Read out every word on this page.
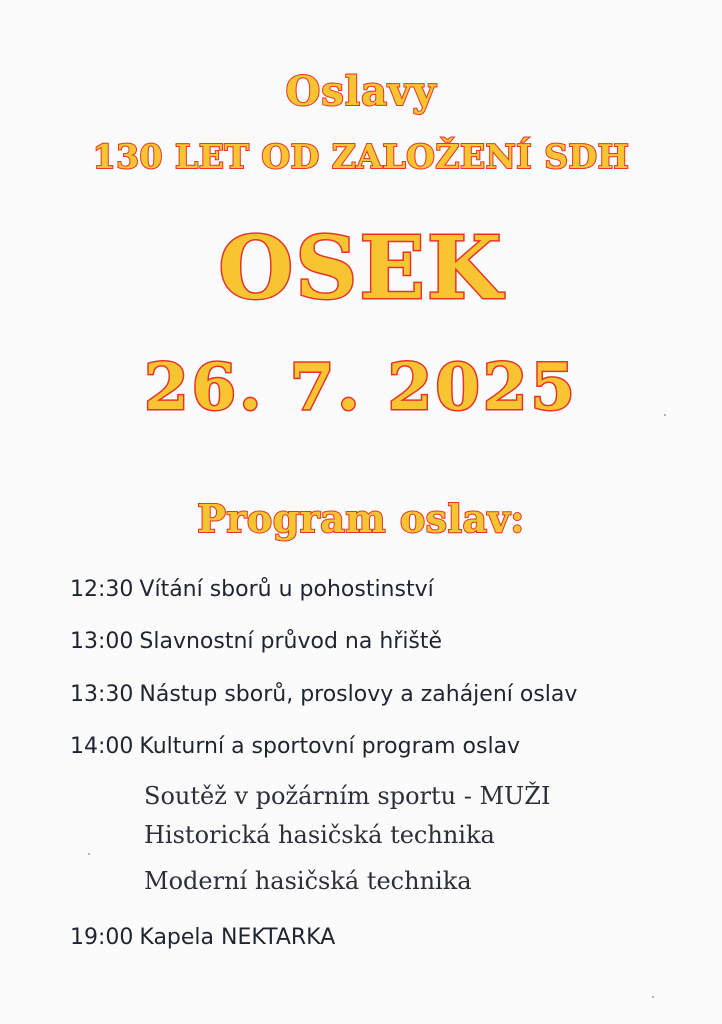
Oslavy
130 LET OD ZALOŽENÍ SDH
OSEK
26. 7. 2025
Program oslav:
12:30 Vítání sborů u pohostinství
13:00 Slavnostní průvod na hřiště
13:30 Nástup sborů, proslovy a zahájení oslav
14:00 Kulturní a sportovní program oslav
Soutěž v požárním sportu - MUŽI
Historická hasičská technika
Moderní hasičská technika
19:00 Kapela NEKTARKA
